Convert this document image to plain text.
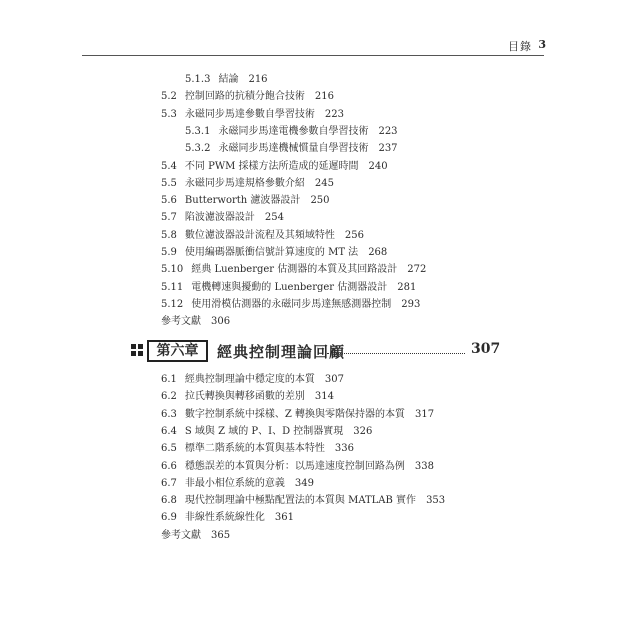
目錄 3
5.1.3 結論 216
5.2 控制回路的抗積分飽合技術 216
5.3 永磁同步馬達參數自學習技術 223
5.3.1 永磁同步馬達電機參數自學習技術 223
5.3.2 永磁同步馬達機械慣量自學習技術 237
5.4 不同 PWM 採樣方法所造成的延遲時間 240
5.5 永磁同步馬達規格參數介紹 245
5.6 Butterworth 濾波器設計 250
5.7 陷波濾波器設計 254
5.8 數位濾波器設計流程及其頻域特性 256
5.9 使用編碼器脈衝信號計算速度的 MT 法 268
5.10 經典 Luenberger 估測器的本質及其回路設計 272
5.11 電機轉速與擾動的 Luenberger 估測器設計 281
5.12 使用滑模估測器的永磁同步馬達無感測器控制 293
參考文獻 306
第六章	經典控制理論回顧	307
6.1 經典控制理論中穩定度的本質 307
6.2 拉氏轉換與轉移函數的差別 314
6.3 數字控制系統中採樣、Z 轉換與零階保持器的本質 317
6.4 S 域與 Z 域的 P、I、D 控制器實現 326
6.5 標準二階系統的本質與基本特性 336
6.6 穩態誤差的本質與分析：以馬達速度控制回路為例 338
6.7 非最小相位系統的意義 349
6.8 現代控制理論中極點配置法的本質與 MATLAB 實作 353
6.9 非線性系統線性化 361
參考文獻 365
